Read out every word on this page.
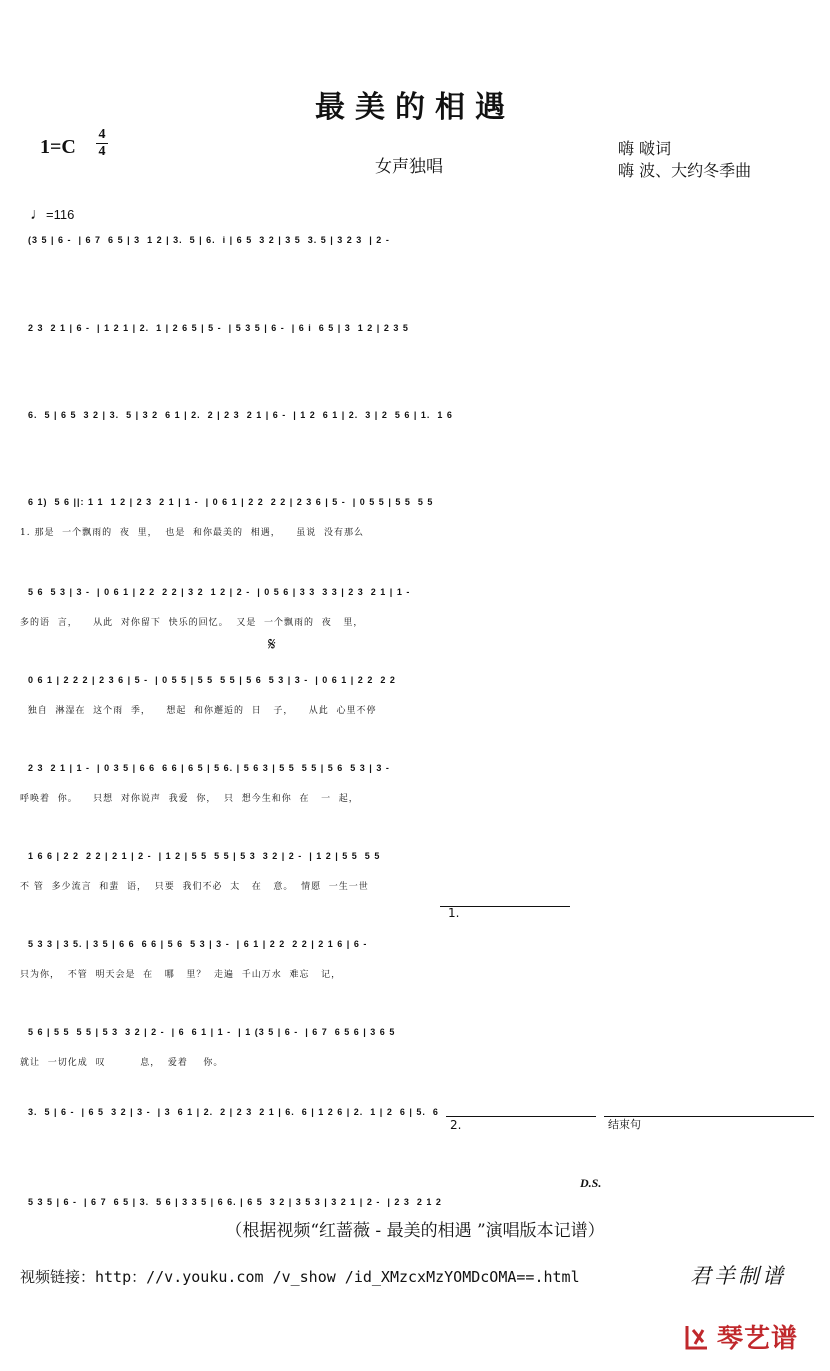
最美的相遇
1=C
4
4
女声独唱
嗨 啵词
嗨 波、大约冬季曲
♩=116
(3 5 | 6 -  | 6 7  6 5 | 3  1 2 | 3.  5 | 6.  i | 6 5  3 2 | 3 5  3. 5 | 3 2 3  | 2 -
2 3  2 1 | 6 -  | 1 2 1 | 2.  1 | 2 6 5 | 5 -  | 5 3 5 | 6 -  | 6 i  6 5 | 3  1 2 | 2 3 5
6.  5 | 6 5  3 2 | 3.  5 | 3 2  6 1 | 2.  2 | 2 3  2 1 | 6 -  | 1 2  6 1 | 2.  3 | 2  5 6 | 1.  1 6
6 1)  5 6 ||: 1 1  1 2 | 2 3  2 1 | 1 -  | 0 6 1 | 2 2  2 2 | 2 3 6 | 5 -  | 0 5 5 | 5 5  5 5
1. 那是  一个飘雨的  夜  里，  也是  和你最美的  相遇，    虽说  没有那么
5 6  5 3 | 3 -  | 0 6 1 | 2 2  2 2 | 3 2  1 2 | 2 -  | 0 5 6 | 3 3  3 3 | 2 3  2 1 | 1 -
多的语  言，    从此  对你留下  快乐的回忆。  又是  一个飘雨的  夜   里，
0 6 1 | 2 2 2 | 2 3 6 | 5 -  | 0 5 5 | 5 5  5 5 | 5 6  5 3 | 3 -  | 0 6 1 | 2 2  2 2
独自  淋湿在  这个雨  季，    想起  和你邂逅的  日   子，    从此  心里不停
2 3  2 1 | 1 -  | 0 3 5 | 6 6  6 6 | 6 5 | 5 6. | 5 6 3 | 5 5  5 5 | 5 6  5 3 | 3 -
呼唤着  你。    只想  对你说声  我爱  你，  只  想今生和你  在   一  起，
1 6 6 | 2 2  2 2 | 2 1 | 2 -  | 1 2 | 5 5  5 5 | 5 3  3 2 | 2 -  | 1 2 | 5 5  5 5
不 管  多少流言  和蜚  语，  只要  我们不必  太   在   意。  情愿  一生一世
5 3 3 | 3 5. | 3 5 | 6 6  6 6 | 5 6  5 3 | 3 -  | 6 1 | 2 2  2 2 | 2 1 6 | 6 -
只为你，  不管  明天会是  在   哪   里？  走遍  千山万水  难忘   记，
5 6 | 5 5  5 5 | 5 3  3 2 | 2 -  | 6  6 1 | 1 -  | 1 (3 5 | 6 -  | 6 7  6 5 6 | 3 6 5
就让  一切化成  叹         息，  爱着    你。
3.  5 | 6 -  | 6 5  3 2 | 3 -  | 3  6 1 | 2.  2 | 2 3  2 1 | 6.  6 | 1 2 6 | 2.  1 | 2  6 | 5.  6
5 3 5 | 6 -  | 6 7  6 5 | 3.  5 6 | 3 3 5 | 6 6. | 6 5  3 2 | 3 5 3 | 3 2 1 | 2 -  | 2 3  2 1 2
1.
2.	结束句
D.S.
𝄋
（根据视频“红蔷薇 - 最美的相遇 ”演唱版本记谱）
视频链接：http：//v.youku.com /v_show /id_XMzcxMzYOMDcOMA==.html	君羊制谱
琴艺谱
